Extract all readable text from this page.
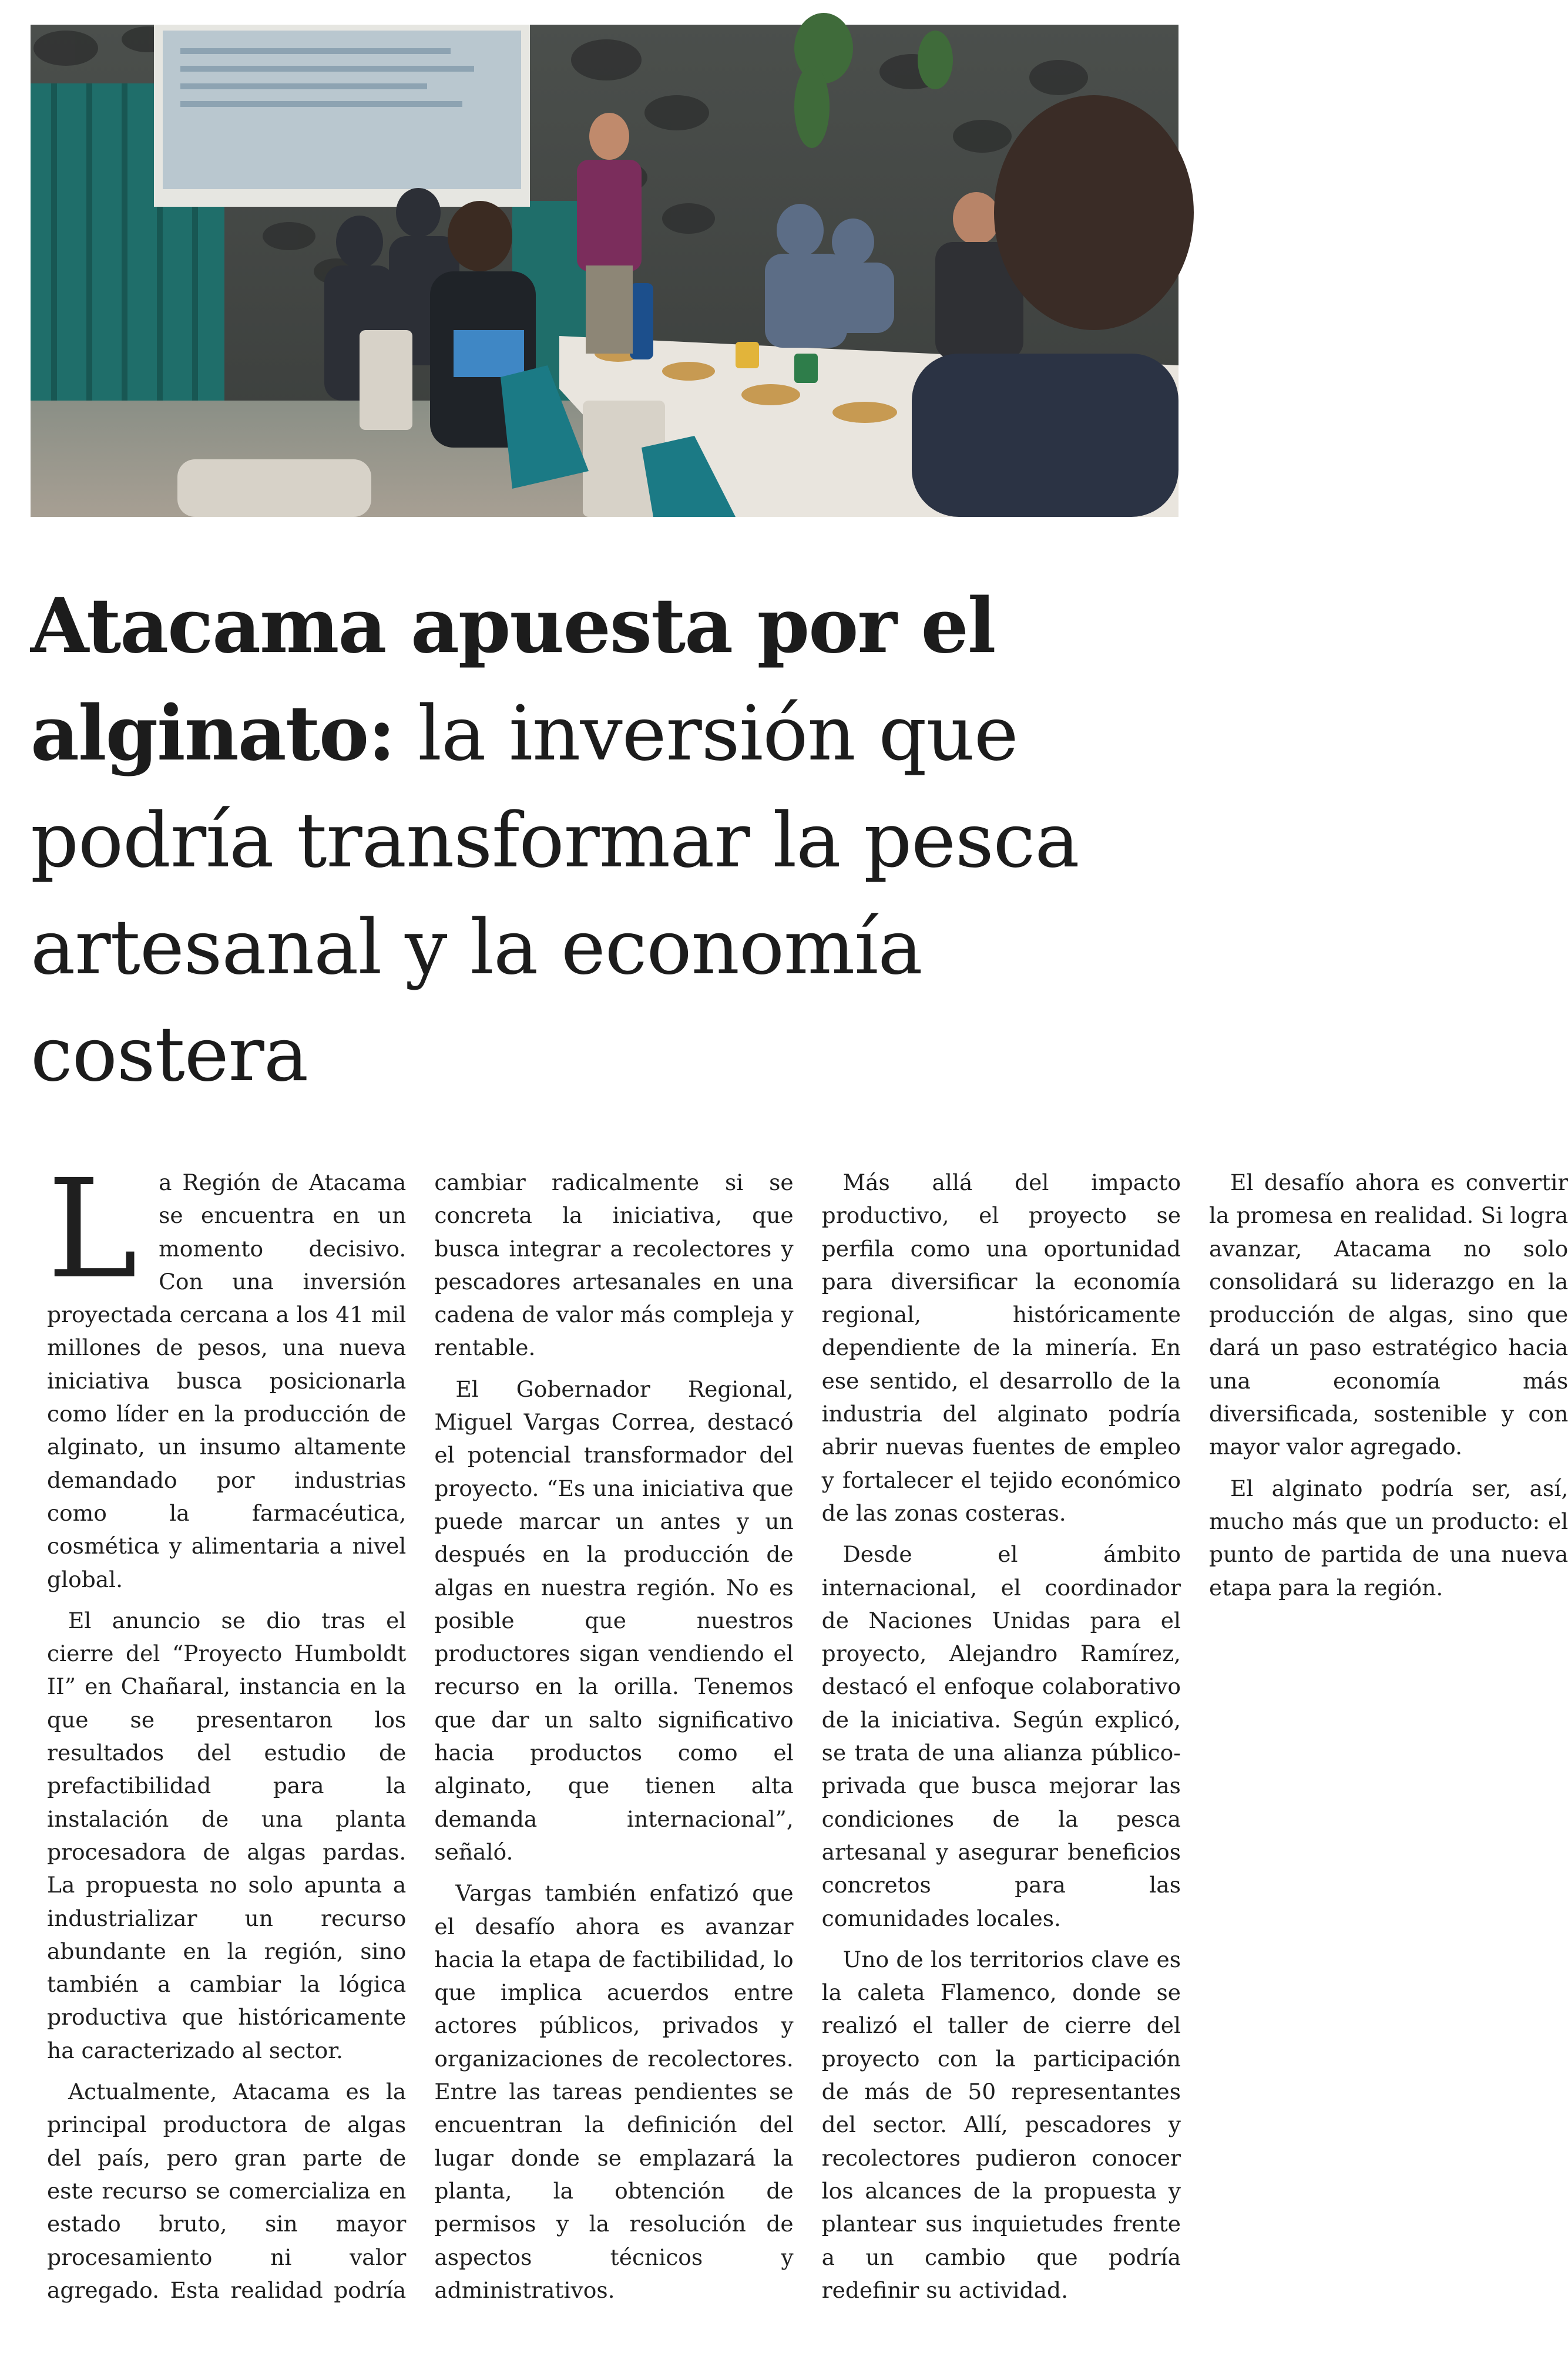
Atacama apuesta por el alginato: la inversión que podría transformar la pesca artesanal y la economía costera

La Región de Atacama se encuentra en un momento decisivo. Con una inversión proyectada cercana a los 41 mil millones de pesos, una nueva iniciativa busca posicionarla como líder en la producción de alginato, un insumo altamente demandado por industrias como la farmacéutica, cosmética y alimentaria a nivel global.

El anuncio se dio tras el cierre del “Proyecto Humboldt II” en Chañaral, instancia en la que se presentaron los resultados del estudio de prefactibilidad para la instalación de una planta procesadora de algas pardas. La propuesta no solo apunta a industrializar un recurso abundante en la región, sino también a cambiar la lógica productiva que históricamente ha caracterizado al sector.

Actualmente, Atacama es la principal productora de algas del país, pero gran parte de este recurso se comercializa en estado bruto, sin mayor procesamiento ni valor agregado. Esta realidad podría cambiar radicalmente si se concreta la iniciativa, que busca integrar a recolectores y pescadores artesanales en una cadena de valor más compleja y rentable.

El Gobernador Regional, Miguel Vargas Correa, destacó el potencial transformador del proyecto. “Es una iniciativa que puede marcar un antes y un después en la producción de algas en nuestra región. No es posible que nuestros productores sigan vendiendo el recurso en la orilla. Tenemos que dar un salto significativo hacia productos como el alginato, que tienen alta demanda internacional”, señaló.

Vargas también enfatizó que el desafío ahora es avanzar hacia la etapa de factibilidad, lo que implica acuerdos entre actores públicos, privados y organizaciones de recolectores. Entre las tareas pendientes se encuentran la definición del lugar donde se emplazará la planta, la obtención de permisos y la resolución de aspectos técnicos y administrativos.

Más allá del impacto productivo, el proyecto se perfila como una oportunidad para diversificar la economía regional, históricamente dependiente de la minería. En ese sentido, el desarrollo de la industria del alginato podría abrir nuevas fuentes de empleo y fortalecer el tejido económico de las zonas costeras.

Desde el ámbito internacional, el coordinador de Naciones Unidas para el proyecto, Alejandro Ramírez, destacó el enfoque colaborativo de la iniciativa. Según explicó, se trata de una alianza público-privada que busca mejorar las condiciones de la pesca artesanal y asegurar beneficios concretos para las comunidades locales.

Uno de los territorios clave es la caleta Flamenco, donde se realizó el taller de cierre del proyecto con la participación de más de 50 representantes del sector. Allí, pescadores y recolectores pudieron conocer los alcances de la propuesta y plantear sus inquietudes frente a un cambio que podría redefinir su actividad.

El desafío ahora es convertir la promesa en realidad. Si logra avanzar, Atacama no solo consolidará su liderazgo en la producción de algas, sino que dará un paso estratégico hacia una economía más diversificada, sostenible y con mayor valor agregado.

El alginato podría ser, así, mucho más que un producto: el punto de partida de una nueva etapa para la región.
